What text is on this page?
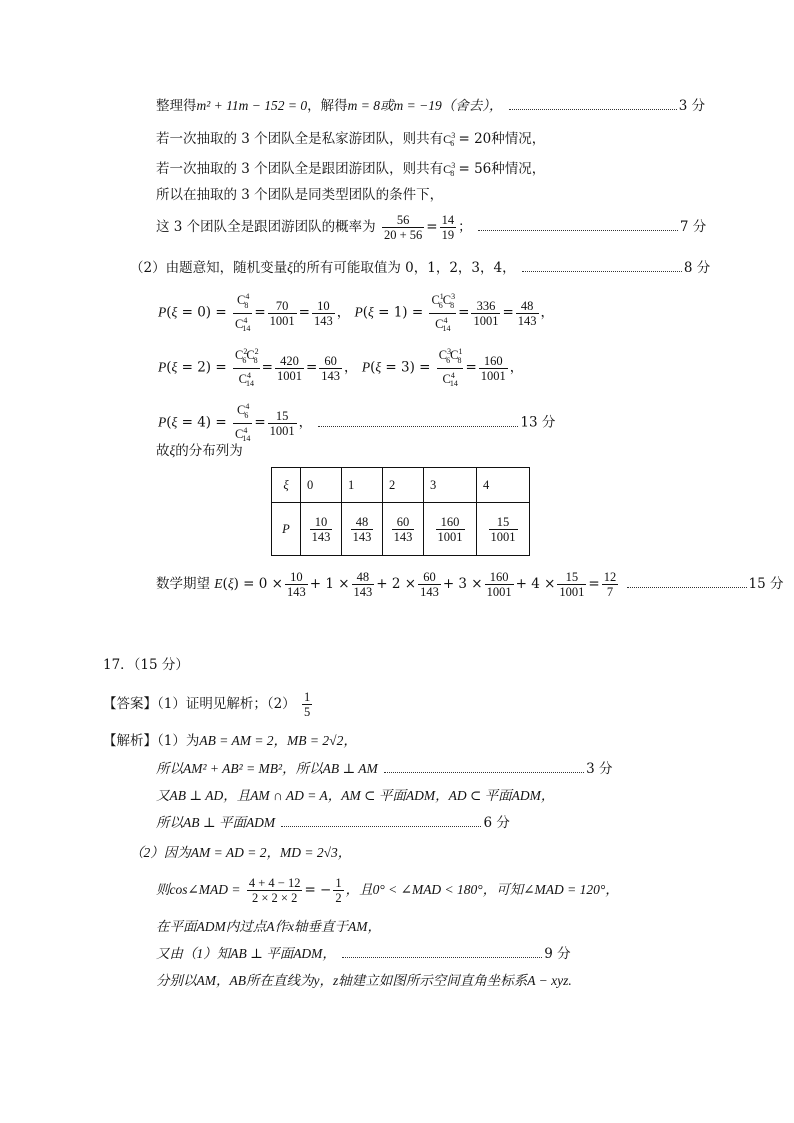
整理得m² + 11m − 152 = 0，解得m = 8或m = −19（舍去），	3 分
若一次抽取的 3 个团队全是私家游团队，则共有$C^3_6 = 20$种情况，
若一次抽取的 3 个团队全是跟团游团队，则共有$C^3_8 = 56$种情况，
所以在抽取的 3 个团队是同类型团队的条件下，
这 3 个团队全是跟团游团队的概率为 $\frac{56}{20 + 56} = \frac{14}{19}$ ；	7 分
（2）由题意知，随机变量ξ的所有可能取值为 0，1，2，3，4，	8 分
$P(\xi = 0) = \frac{C^4_8}{C^4_{14}} = \frac{70}{1001} = \frac{10}{143}$ ， $P(\xi = 1) = \frac{C^1_6C^3_8}{C^4_{14}} = \frac{336}{1001} = \frac{48}{143}$ ，
$P(\xi = 2) = \frac{C^2_6C^2_8}{C^4_{14}} = \frac{420}{1001} = \frac{60}{143}$ ， $P(\xi = 3) = \frac{C^3_6C^1_8}{C^4_{14}} = \frac{160}{1001}$ ，
$P(\xi = 4) = \frac{C^4_6}{C^4_{14}} = \frac{15}{1001}$ ，	13 分
故ξ的分布列为
ξ	0	1	2	3	4
P	$\frac{10}{143}$	$\frac{48}{143}$	$\frac{60}{143}$	$\frac{160}{1001}$	$\frac{15}{1001}$
数学期望 $E(\xi) = 0 \times \frac{10}{143} + 1 \times \frac{48}{143} + 2 \times \frac{60}{143} + 3 \times \frac{160}{1001} + 4 \times \frac{15}{1001} = \frac{12}{7}$	15 分
17．（15 分）
【答案】（1）证明见解析；$(2) \frac{1}{5}$
【解析】（1）为AB = AM = 2，MB = 2√2，
所以AM² + AB² = MB²，所以AB ⊥ AM	3 分
又AB ⊥ AD，且AM ∩ AD = A，AM ⊂ 平面ADM，AD ⊂ 平面ADM，
所以AB ⊥ 平面ADM	6 分
（2）因为AM = AD = 2，MD = 2√3，
则cos∠MAD = $\frac{4 + 4 - 12}{2 \times 2 \times 2}$ = − $\frac{1}{2}$ ，且0° < ∠MAD < 180°，可知∠MAD = 120°，
在平面ADM内过点A作x轴垂直于AM，
又由（1）知AB ⊥ 平面ADM，	9 分
分别以AM，AB所在直线为y，z轴建立如图所示空间直角坐标系A − xyz.
